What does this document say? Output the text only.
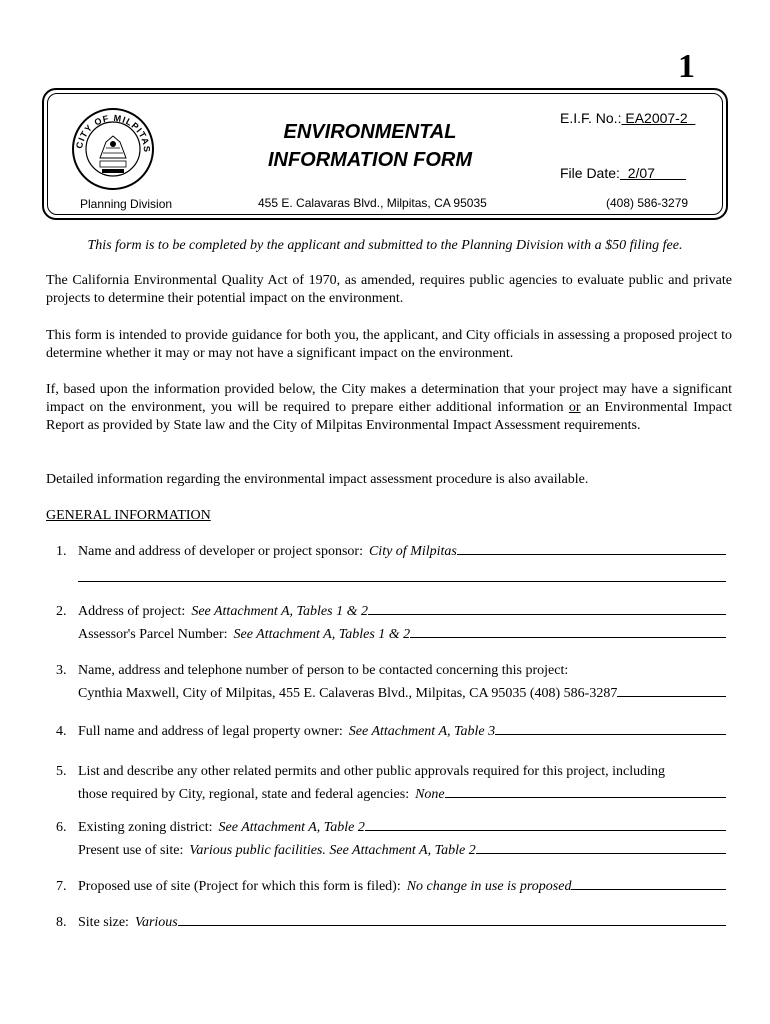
1
CITY OF MILPITAS
ENVIRONMENTAL
INFORMATION FORM
E.I.F. No.: EA2007-2
File Date:  2/07
Planning Division	455 E. Calavaras Blvd., Milpitas, CA 95035	(408) 586-3279
This form is to be completed by the applicant and submitted to the Planning Division with a $50 filing fee.
The California Environmental Quality Act of 1970, as amended, requires public agencies to evaluate public and private projects to determine their potential impact on the environment.
This form is intended to provide guidance for both you, the applicant, and City officials in assessing a proposed project to determine whether it may or may not have a significant impact on the environment.
If, based upon the information provided below, the City makes a determination that your project may have a significant impact on the environment, you will be required to prepare either additional information or an Environmental Impact Report as provided by State law and the City of Milpitas Environmental Impact Assessment requirements.
Detailed information regarding the environmental impact assessment procedure is also available.
GENERAL INFORMATION
1. Name and address of developer or project sponsor: City of Milpitas
2. Address of project: See Attachment A, Tables 1 & 2
Assessor's Parcel Number: See Attachment A, Tables 1 & 2
3. Name, address and telephone number of person to be contacted concerning this project:
Cynthia Maxwell, City of Milpitas, 455 E. Calaveras Blvd., Milpitas, CA 95035 (408) 586-3287
4. Full name and address of legal property owner: See Attachment A, Table 3
5. List and describe any other related permits and other public approvals required for this project, including
those required by City, regional, state and federal agencies: None
6. Existing zoning district: See Attachment A, Table 2
Present use of site: Various public facilities. See Attachment A, Table 2
7. Proposed use of site (Project for which this form is filed): No change in use is proposed
8. Site size: Various
